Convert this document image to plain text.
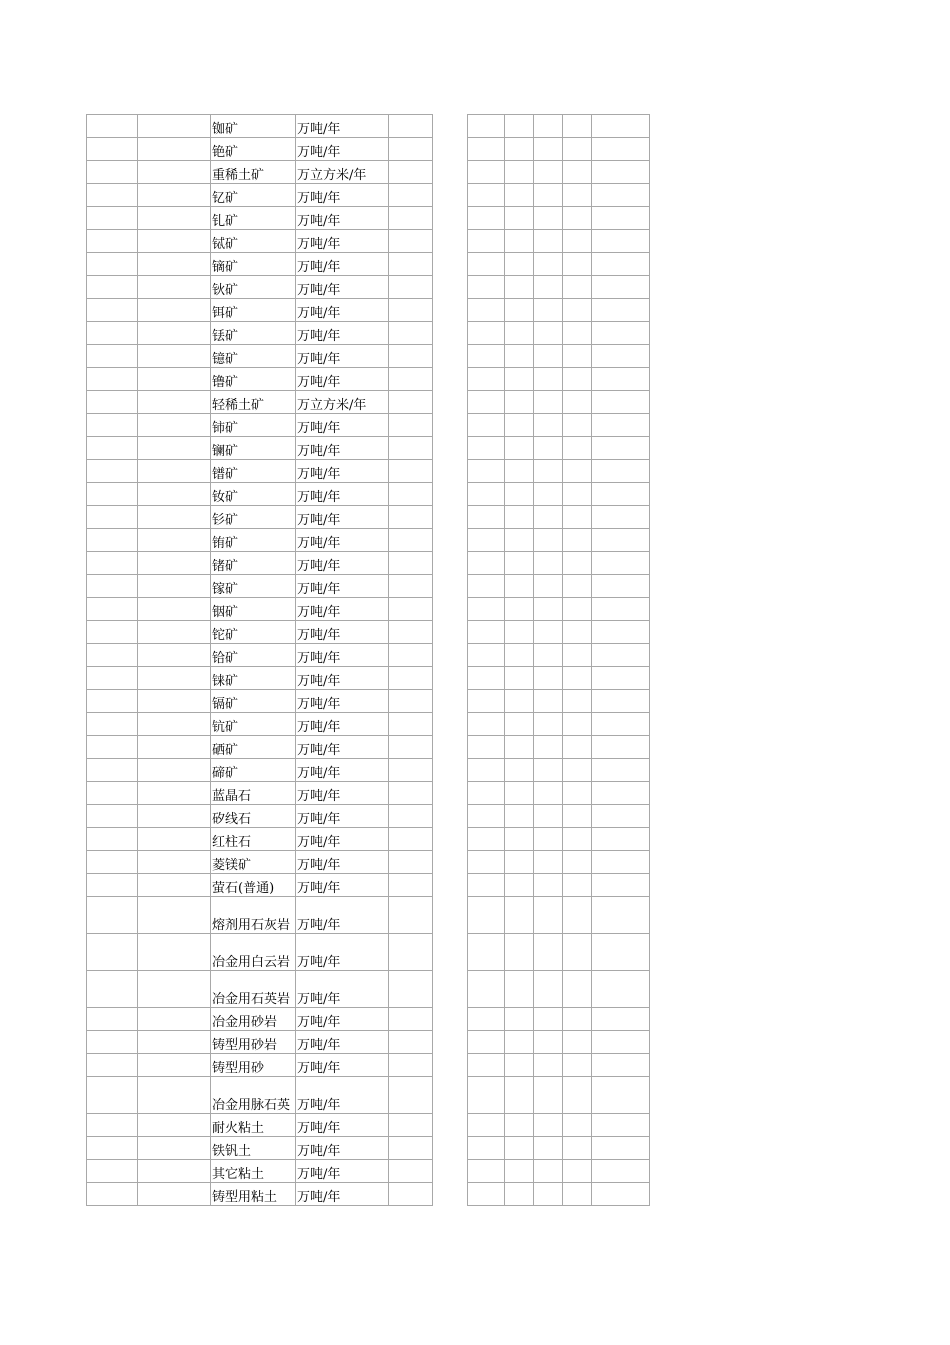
		铷矿	万吨/年	
		铯矿	万吨/年	
		重稀土矿	万立方米/年	
		钇矿	万吨/年	
		钆矿	万吨/年	
		铽矿	万吨/年	
		镝矿	万吨/年	
		钬矿	万吨/年	
		铒矿	万吨/年	
		铥矿	万吨/年	
		镱矿	万吨/年	
		镥矿	万吨/年	
		轻稀土矿	万立方米/年	
		铈矿	万吨/年	
		镧矿	万吨/年	
		镨矿	万吨/年	
		钕矿	万吨/年	
		钐矿	万吨/年	
		铕矿	万吨/年	
		锗矿	万吨/年	
		镓矿	万吨/年	
		铟矿	万吨/年	
		铊矿	万吨/年	
		铪矿	万吨/年	
		铼矿	万吨/年	
		镉矿	万吨/年	
		钪矿	万吨/年	
		硒矿	万吨/年	
		碲矿	万吨/年	
		蓝晶石	万吨/年	
		矽线石	万吨/年	
		红柱石	万吨/年	
		菱镁矿	万吨/年	
		萤石(普通)	万吨/年	
		熔剂用石灰岩	万吨/年	
		冶金用白云岩	万吨/年	
		冶金用石英岩	万吨/年	
		冶金用砂岩	万吨/年	
		铸型用砂岩	万吨/年	
		铸型用砂	万吨/年	
		冶金用脉石英	万吨/年	
		耐火粘土	万吨/年	
		铁钒土	万吨/年	
		其它粘土	万吨/年	
		铸型用粘土	万吨/年	
